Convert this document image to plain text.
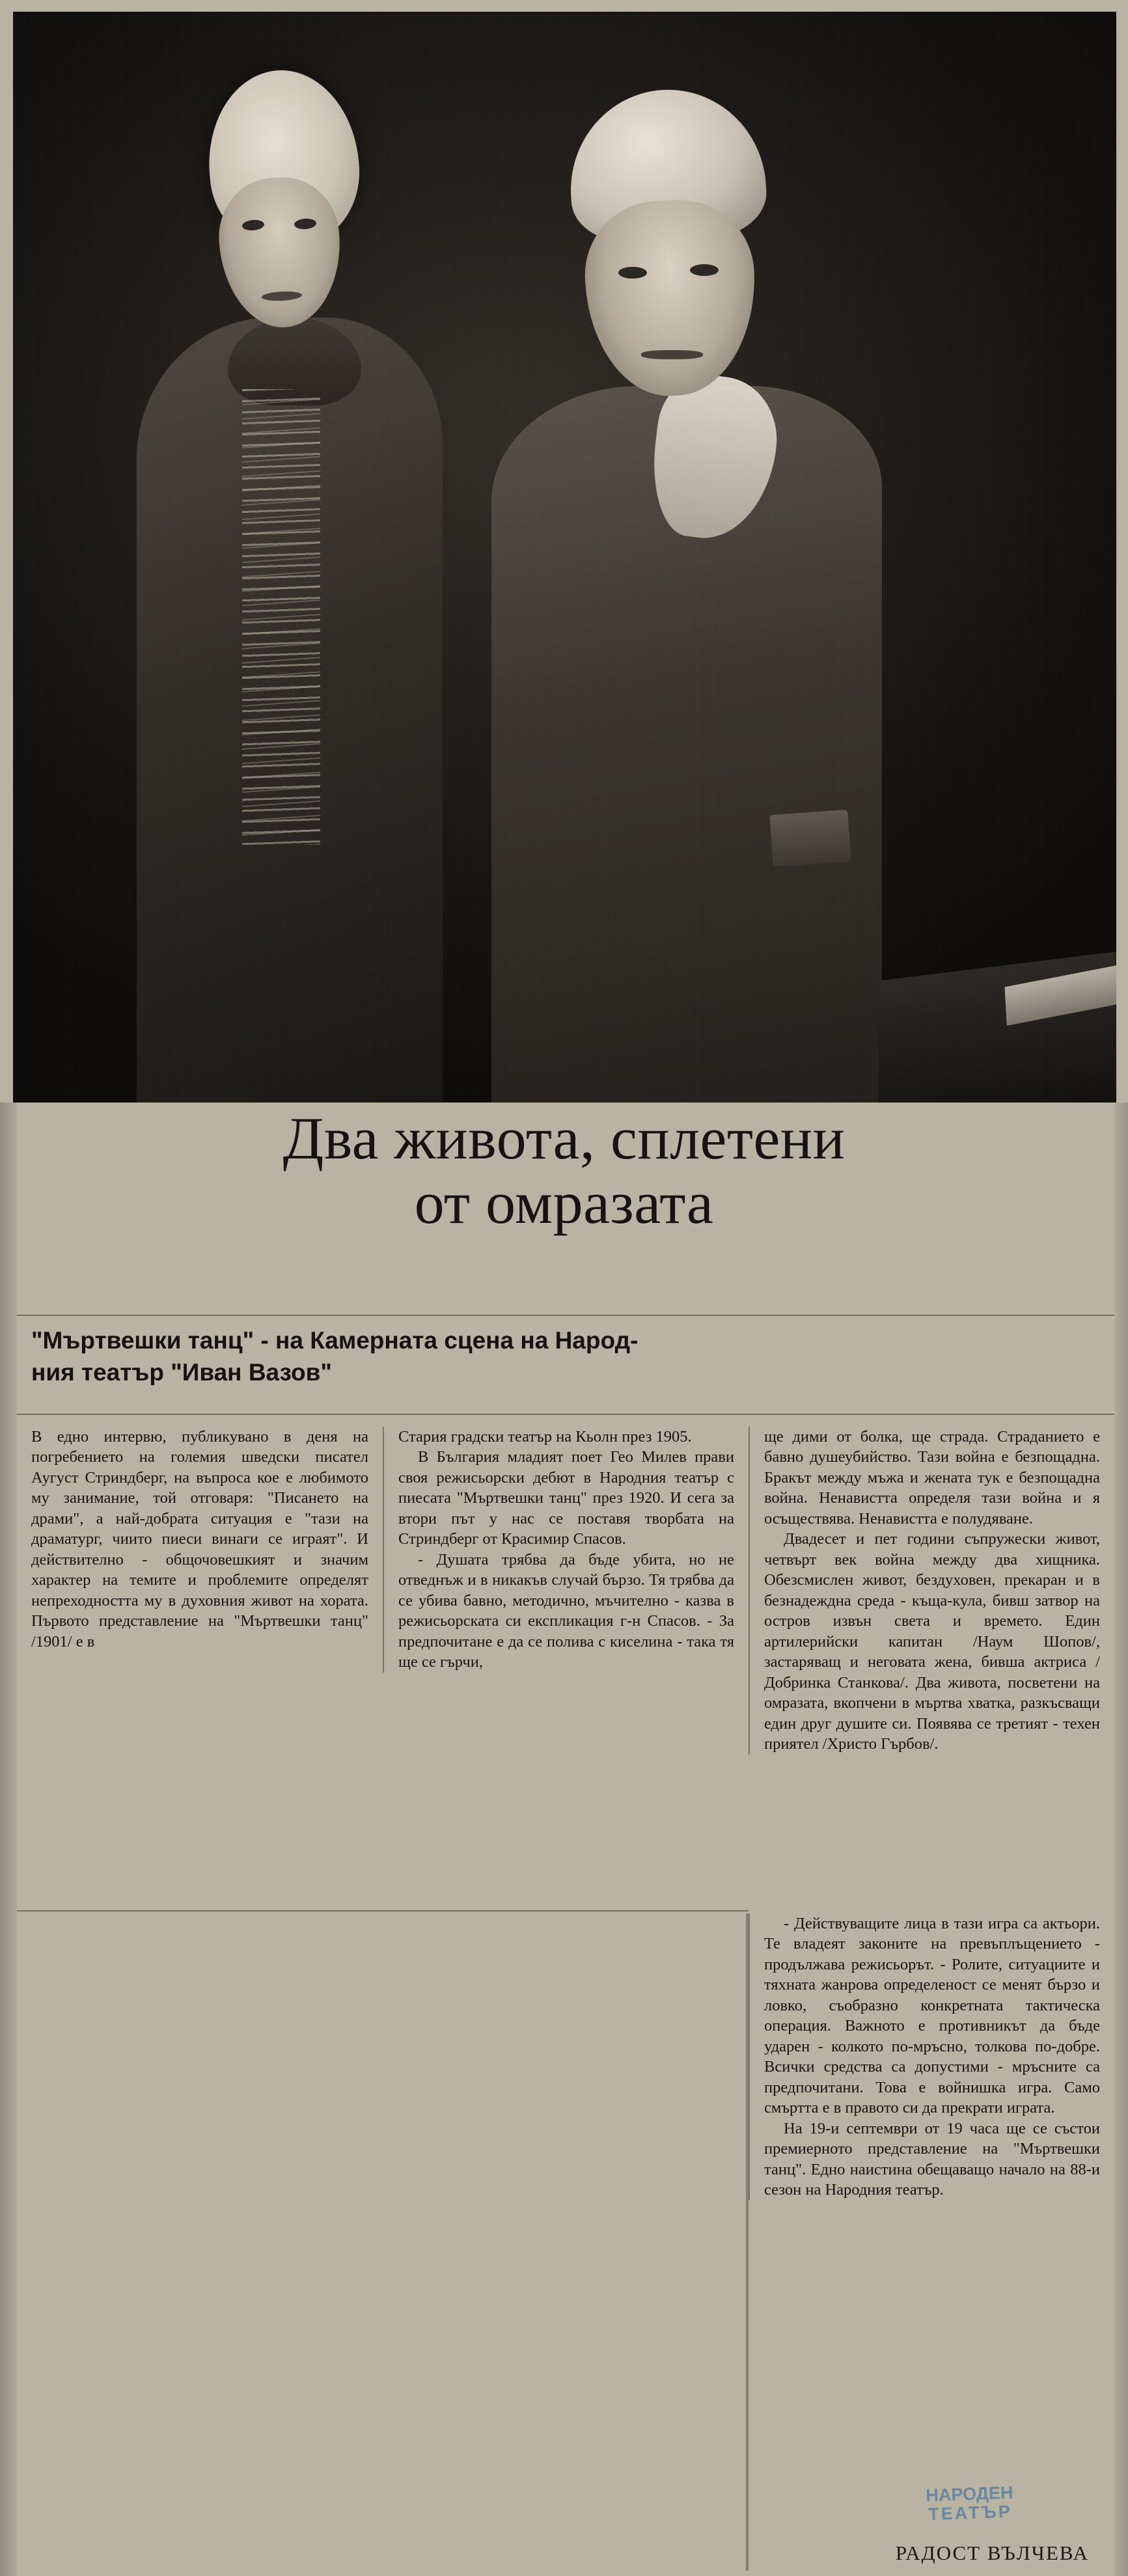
Два живота, сплетени
от омразата
"Мъртвешки танц" - на Камерната сцена на Народ-
ния театър "Иван Вазов"

В едно интервю, публикувано в деня на погребението на големия шведски писател Аугуст Стриндберг, на въпроса кое е любимото му занимание, той отговаря: "Писането на драми", а най-добрата ситуация е "тази на драматург, чиито пиеси винаги се играят". И действително - общочовешкият и значим характер на темите и проблемите определят непреходността му в духовния живот на хората. Първото представление на "Мъртвешки танц" /1901/ е в

Стария градски театър на Кьолн през 1905.

В България младият поет Гео Милев прави своя режисьорски дебют в Народния театър с пиесата "Мъртвешки танц" през 1920. И сега за втори път у нас се поставя творбата на Стриндберг от Красимир Спасов.

- Душата трябва да бъде убита, но не отведнъж и в никакъв случай бързо. Тя трябва да се убива бавно, методично, мъчително - казва в режисьорската си експликация г-н Спасов. - За предпочитане е да се полива с киселина - така тя ще се гърчи,

ще дими от болка, ще страда. Страданието е бавно душеубийство. Тази война е безпощадна. Бракът между мъжа и жената тук е безпощадна война. Ненавистта определя тази война и я осъществява. Ненавистта е полудяване.

Двадесет и пет години съпружески живот, четвърт век война между два хищника. Обезсмислен живот, бездуховен, прекаран и в безнадеждна среда - къща-кула, бивш затвор на остров извън света и времето. Един артилерийски капитан /Наум Шопов/, застаряващ и неговата жена, бивша актриса /Добринка Станкова/. Два живота, посветени на омразата, вкопчени в мъртва хватка, разкъсващи един друг душите си. Появява се третият - техен приятел /Христо Гърбов/.

- Действуващите лица в тази игра са актьори. Те владеят законите на превъплъщението - продължава режисьорът. - Ролите, ситуациите и тяхната жанрова определеност се менят бързо и ловко, съобразно конкретната тактическа операция. Важното е противникът да бъде ударен - колкото по-мръсно, толкова по-добре. Всички средства са допустими - мръсните са предпочитани. Това е войнишка игра. Само смъртта е в правото си да прекрати играта.

На 19-и септември от 19 часа ще се състои премиерното представление на "Мъртвешки танц". Едно наистина обещаващо начало на 88-и сезон на Народния театър.

НАРОДЕН
ТЕАТЪР
РАДОСТ ВЪЛЧЕВА
